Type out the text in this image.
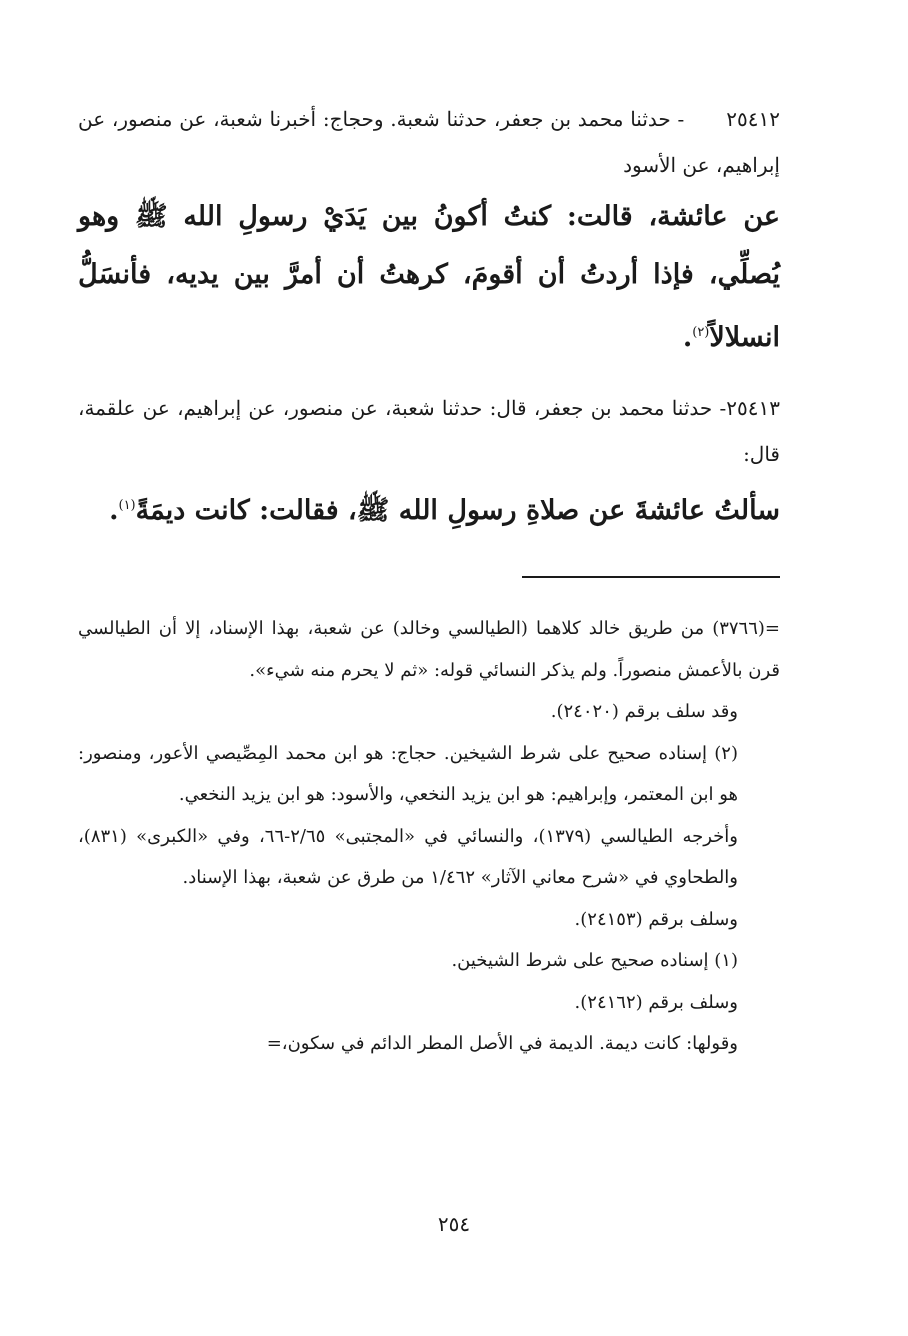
٢٥٤١٢- حدثنا محمد بن جعفر، حدثنا شعبة. وحجاج: أخبرنا شعبة، عن منصور، عن إبراهيم، عن الأسود

عن عائشة، قالت: كنتُ أكونُ بين يَدَيْ رسولِ الله ﷺ وهو يُصلِّي، فإذا أردتُ أن أقومَ، كرهتُ أن أمرَّ بين يديه، فأنسَلُّ انسلالاً$^{(٢)}$.

٢٥٤١٣- حدثنا محمد بن جعفر، قال: حدثنا شعبة، عن منصور، عن إبراهيم، عن علقمة، قال:

سألتُ عائشةَ عن صلاةِ رسولِ الله ﷺ، فقالت: كانت ديمَةً$^{(١)}$.

=(٣٧٦٦) من طريق خالد كلاهما (الطيالسي وخالد) عن شعبة، بهذا الإسناد، إلا أن الطيالسي قرن بالأعمش منصوراً. ولم يذكر النسائي قوله: «ثم لا يحرم منه شيء».

وقد سلف برقم (٢٤٠٢٠).

(٢) إسناده صحيح على شرط الشيخين. حجاج: هو ابن محمد المِصِّيصي الأعور، ومنصور: هو ابن المعتمر، وإبراهيم: هو ابن يزيد النخعي، والأسود: هو ابن يزيد النخعي.

وأخرجه الطيالسي (١٣٧٩)، والنسائي في «المجتبى» ٢/٦٥-٦٦، وفي «الكبرى» (٨٣١)، والطحاوي في «شرح معاني الآثار» ١/٤٦٢ من طرق عن شعبة، بهذا الإسناد.

وسلف برقم (٢٤١٥٣).

(١) إسناده صحيح على شرط الشيخين.

وسلف برقم (٢٤١٦٢).

وقولها: كانت ديمة. الديمة في الأصل المطر الدائم في سكون،=

٢٥٤
